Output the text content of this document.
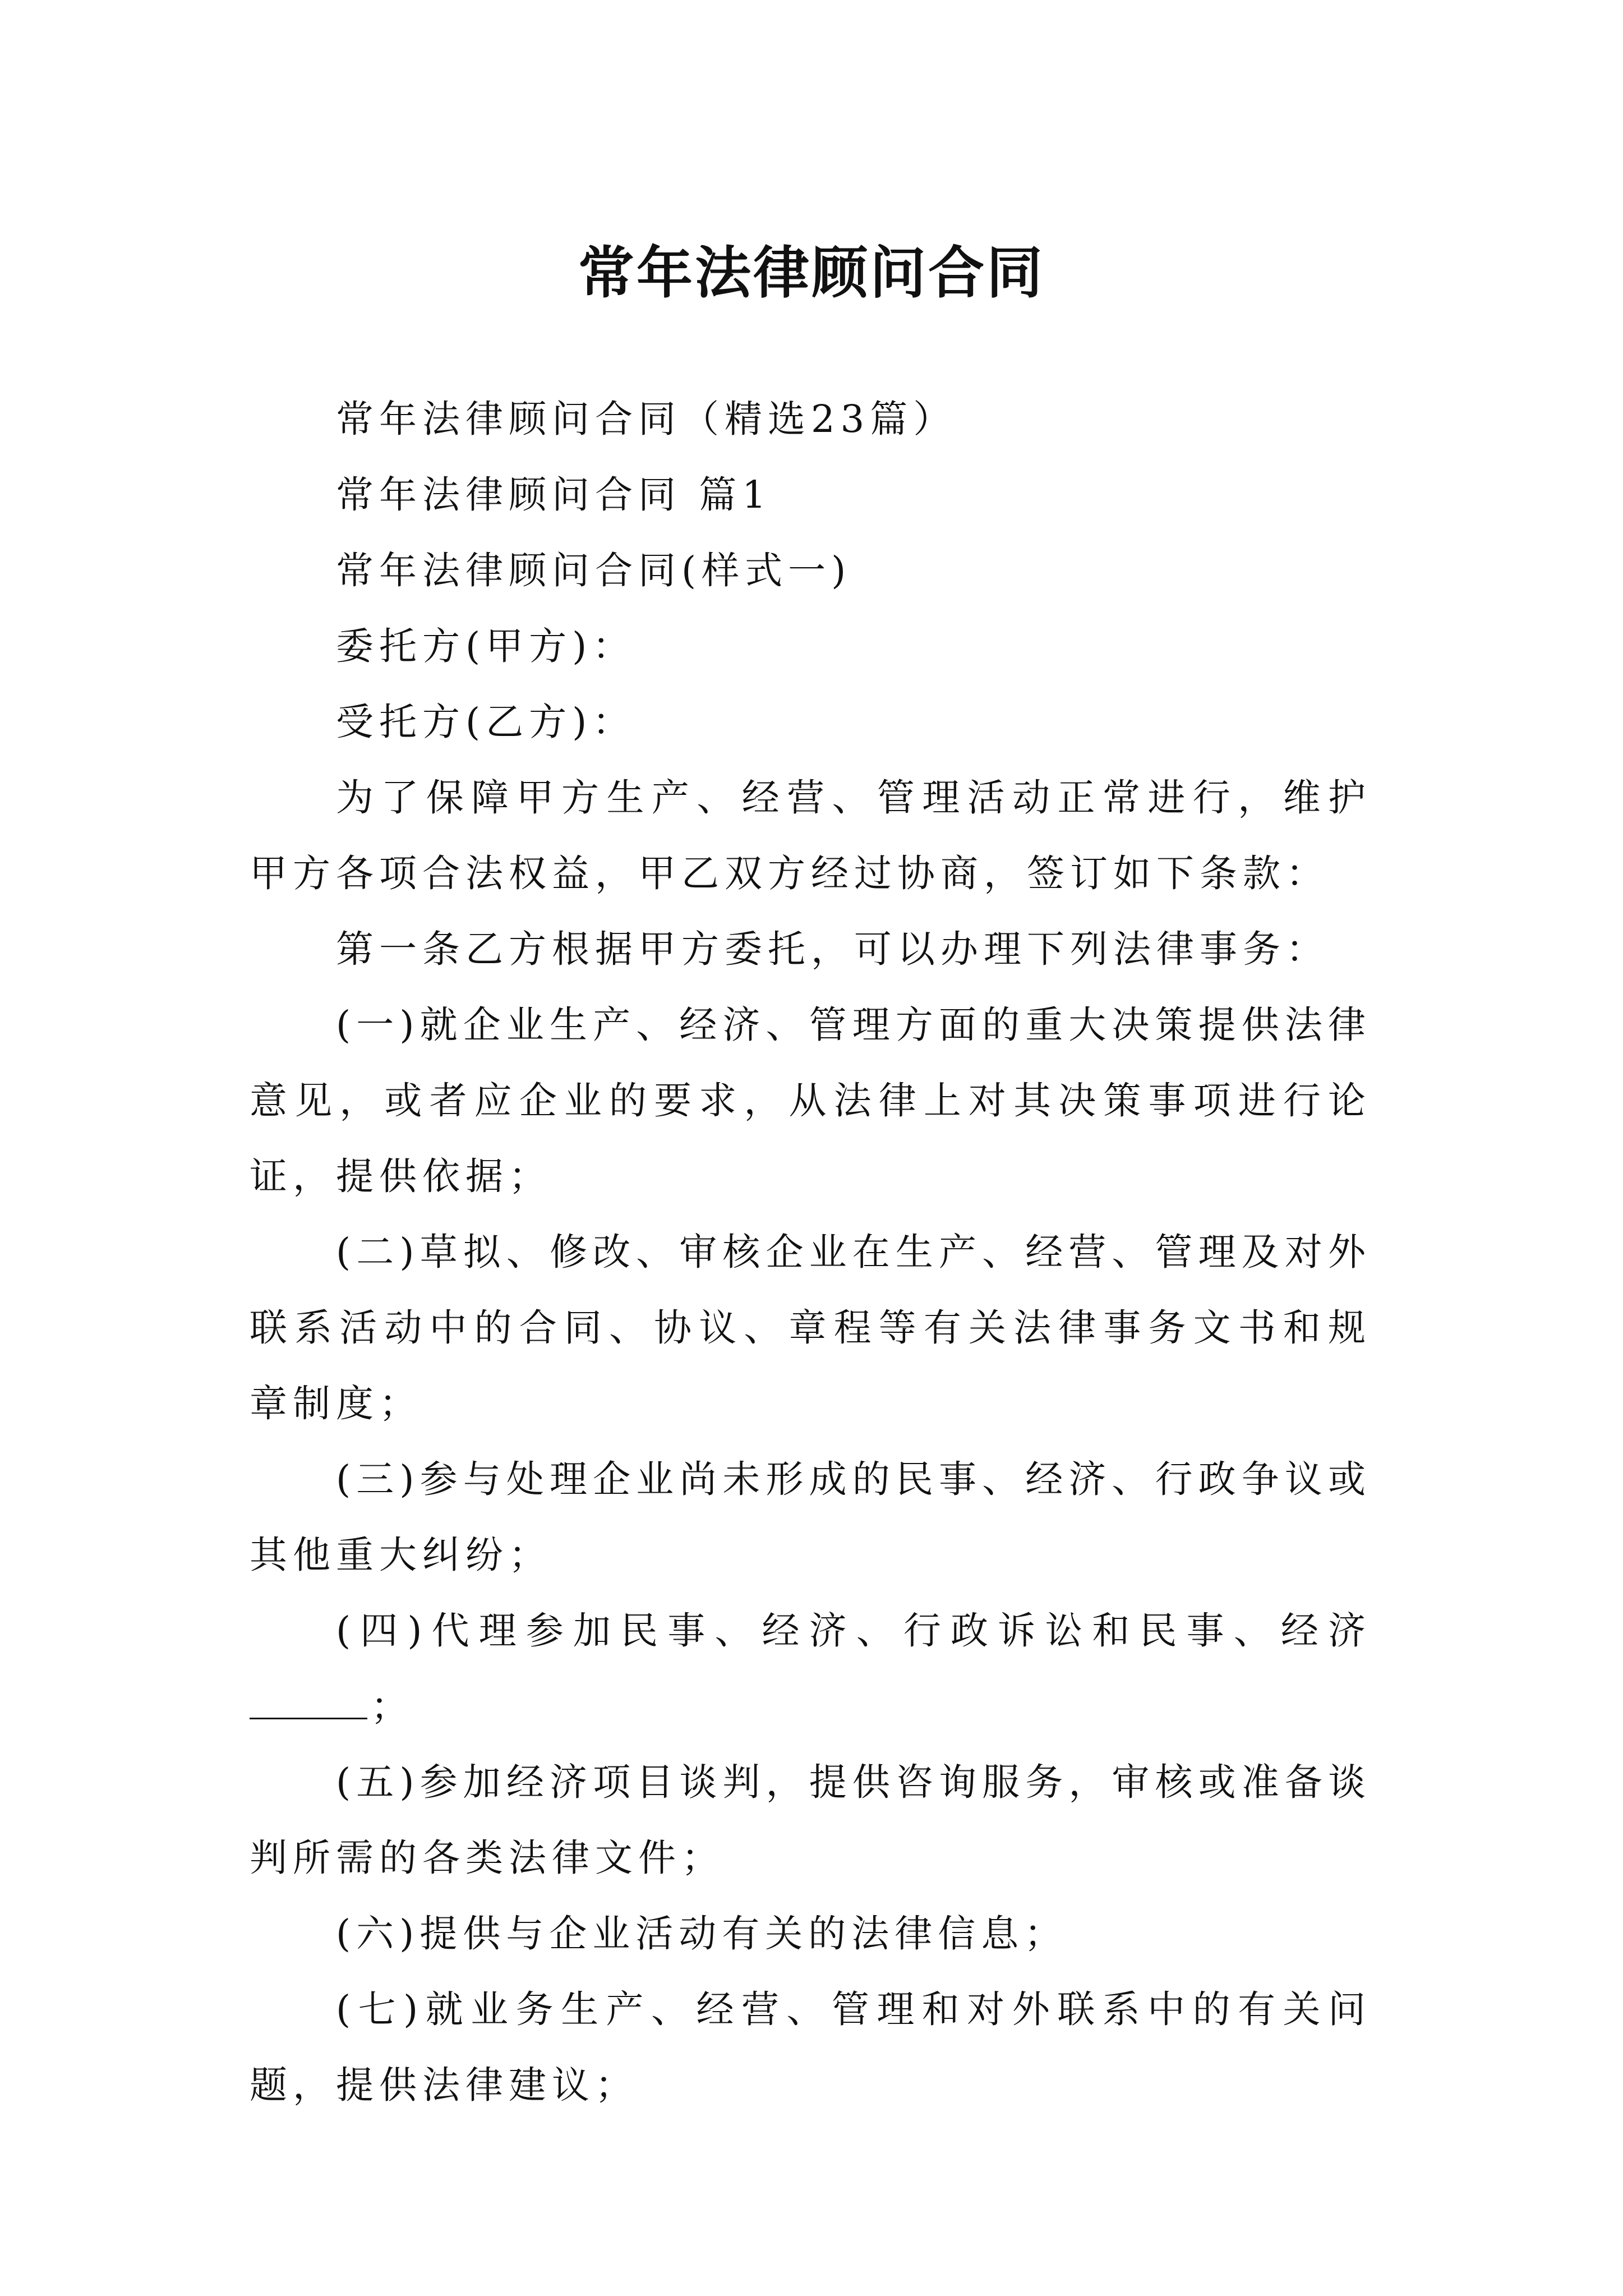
常年法律顾问合同

常年法律顾问合同（精选23篇）

常年法律顾问合同 篇1

常年法律顾问合同(样式一)

委托方(甲方)：

受托方(乙方)：

为了保障甲方生产、经营、管理活动正常进行，维护甲方各项合法权益，甲乙双方经过协商，签订如下条款：

第一条乙方根据甲方委托，可以办理下列法律事务：

(一)就企业生产、经济、管理方面的重大决策提供法律意见，或者应企业的要求，从法律上对其决策事项进行论证，提供依据；

(二)草拟、修改、审核企业在生产、经营、管理及对外联系活动中的合同、协议、章程等有关法律事务文书和规章制度；

(三)参与处理企业尚未形成的民事、经济、行政争议或其他重大纠纷；

(四)代理参加民事、经济、行政诉讼和民事、经济；

(五)参加经济项目谈判，提供咨询服务，审核或准备谈判所需的各类法律文件；

(六)提供与企业活动有关的法律信息；

(七)就业务生产、经营、管理和对外联系中的有关问题，提供法律建议；
